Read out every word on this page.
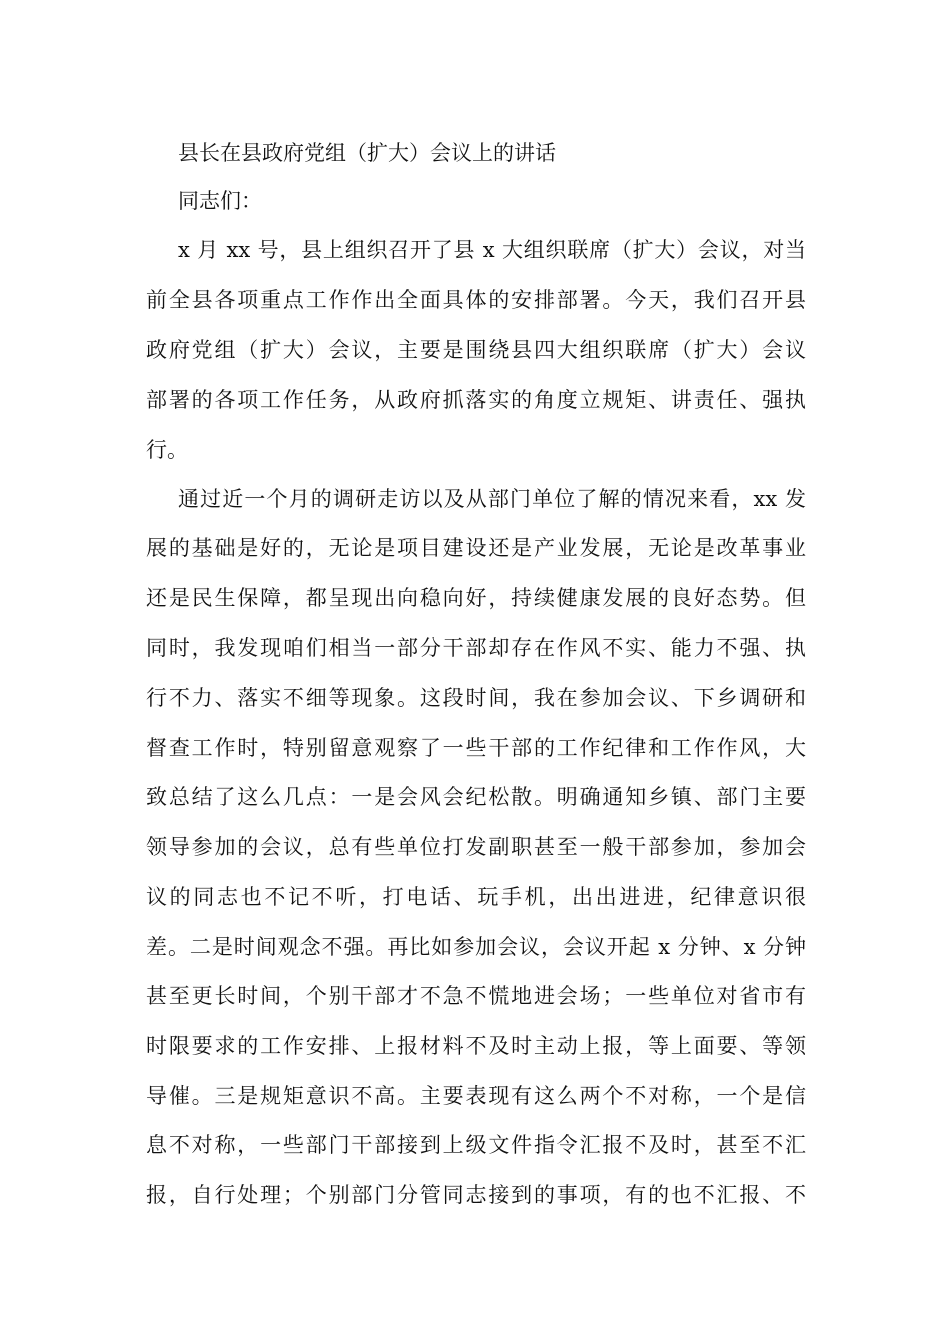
县长在县政府党组（扩大）会议上的讲话
同志们：
x 月 xx 号，县上组织召开了县 x 大组织联席（扩大）会议，对当
前全县各项重点工作作出全面具体的安排部署。今天，我们召开县
政府党组（扩大）会议，主要是围绕县四大组织联席（扩大）会议
部署的各项工作任务，从政府抓落实的角度立规矩、讲责任、强执
行。
通过近一个月的调研走访以及从部门单位了解的情况来看，xx 发
展的基础是好的，无论是项目建设还是产业发展，无论是改革事业
还是民生保障，都呈现出向稳向好，持续健康发展的良好态势。但
同时，我发现咱们相当一部分干部却存在作风不实、能力不强、执
行不力、落实不细等现象。这段时间，我在参加会议、下乡调研和
督查工作时，特别留意观察了一些干部的工作纪律和工作作风，大
致总结了这么几点：一是会风会纪松散。明确通知乡镇、部门主要
领导参加的会议，总有些单位打发副职甚至一般干部参加，参加会
议的同志也不记不听，打电话、玩手机，出出进进，纪律意识很
差。二是时间观念不强。再比如参加会议，会议开起 x 分钟、x 分钟
甚至更长时间，个别干部才不急不慌地进会场；一些单位对省市有
时限要求的工作安排、上报材料不及时主动上报，等上面要、等领
导催。三是规矩意识不高。主要表现有这么两个不对称，一个是信
息不对称，一些部门干部接到上级文件指令汇报不及时，甚至不汇
报，自行处理；个别部门分管同志接到的事项，有的也不汇报、不
